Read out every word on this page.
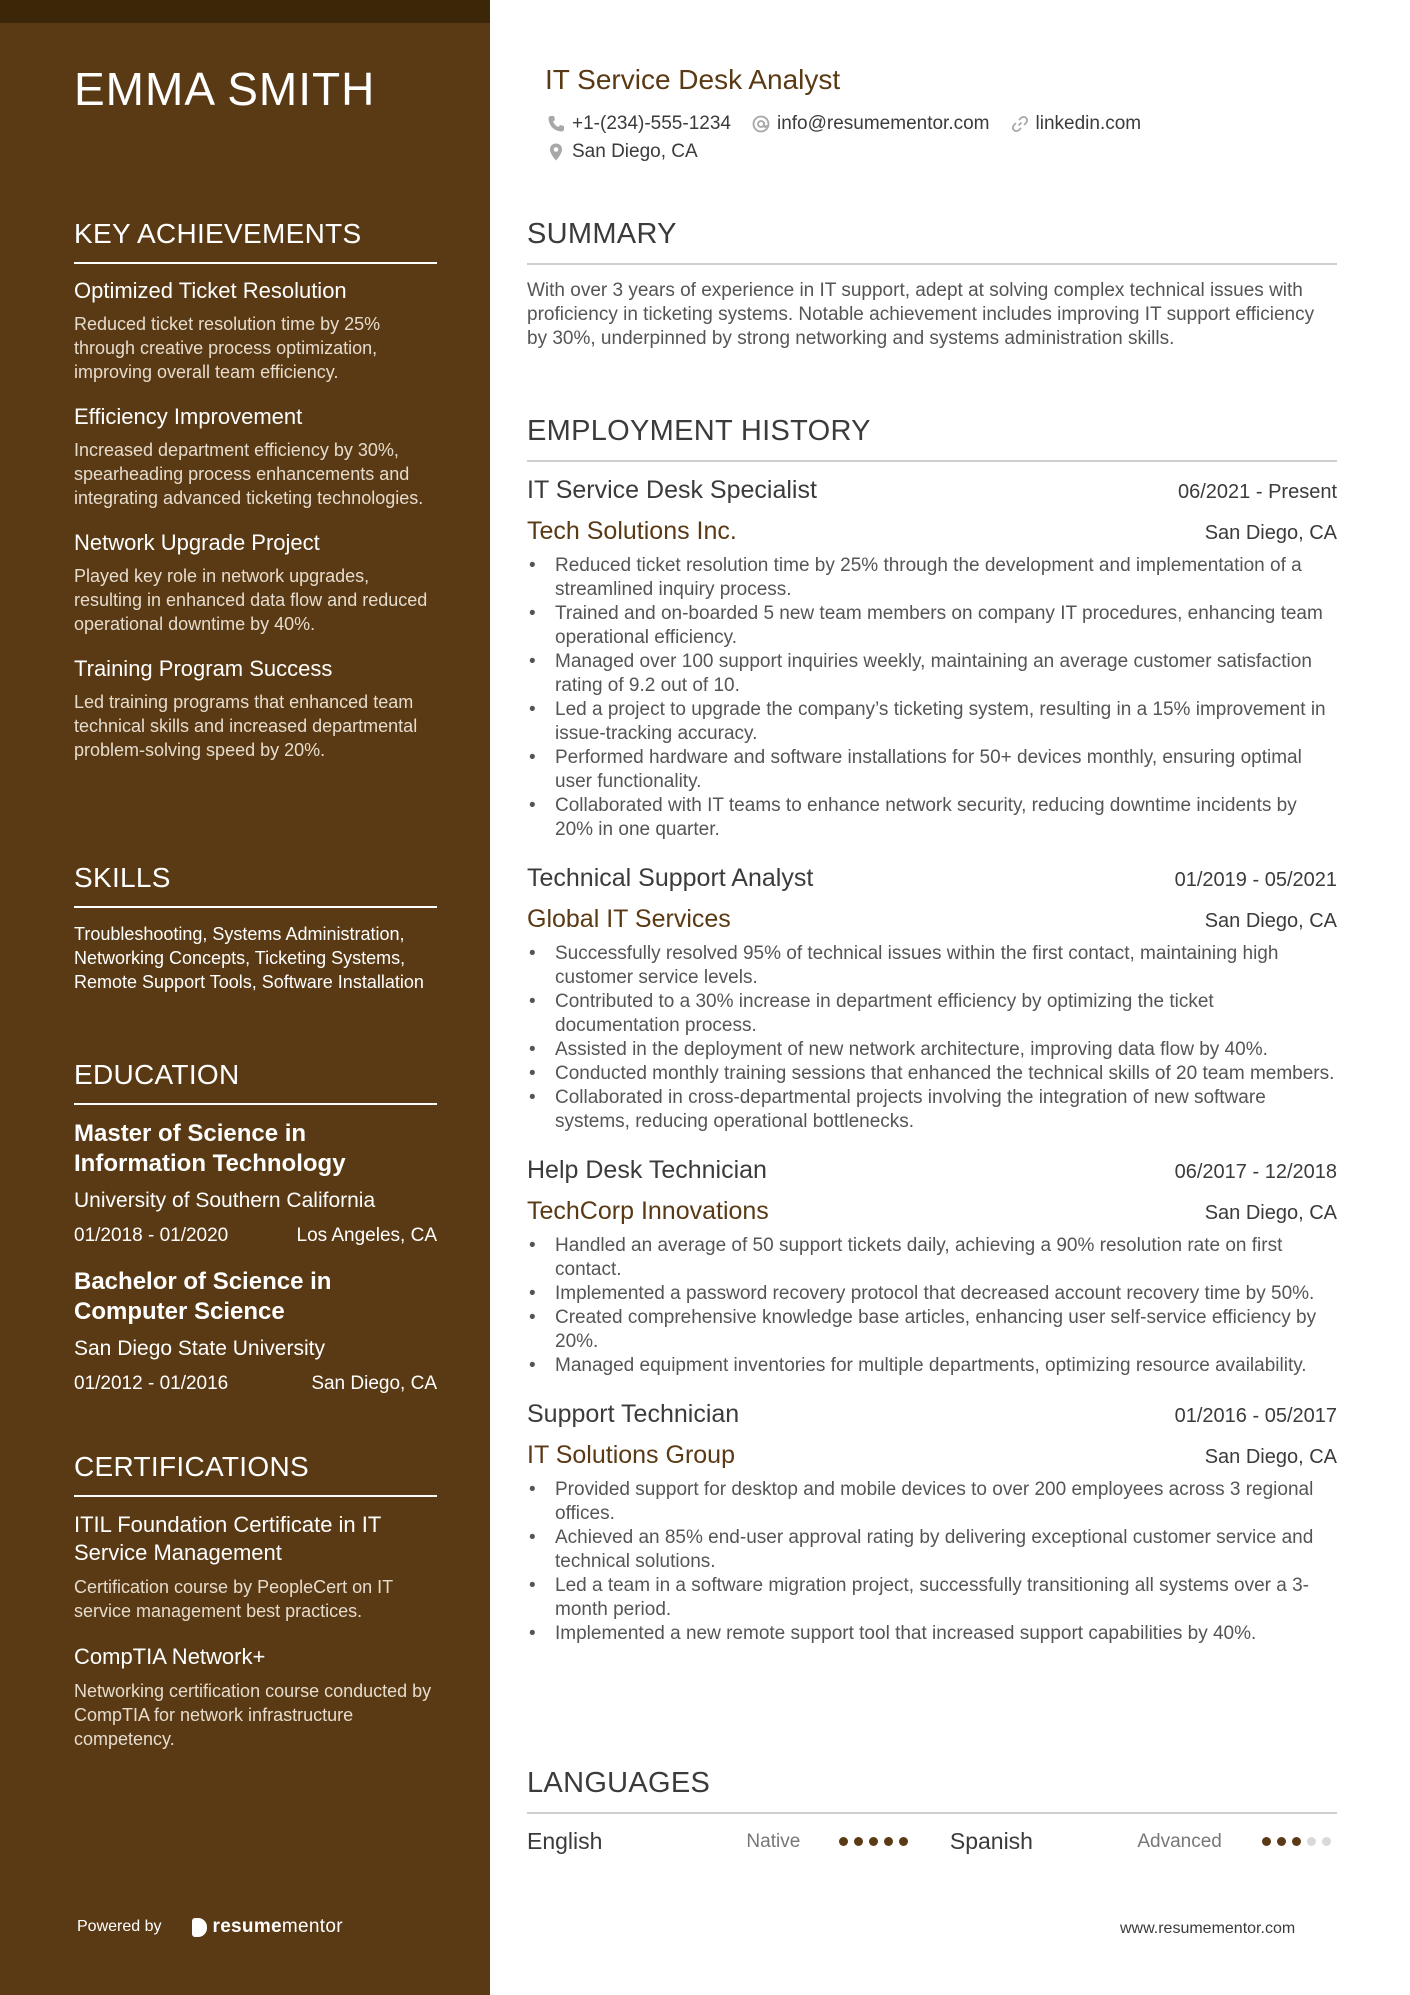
EMMA SMITH
KEY ACHIEVEMENTS
Optimized Ticket Resolution
Reduced ticket resolution time by 25% through creative process optimization, improving overall team efficiency.
Efficiency Improvement
Increased department efficiency by 30%, spearheading process enhancements and integrating advanced ticketing technologies.
Network Upgrade Project
Played key role in network upgrades, resulting in enhanced data flow and reduced operational downtime by 40%.
Training Program Success
Led training programs that enhanced team technical skills and increased departmental problem-solving speed by 20%.
SKILLS
Troubleshooting, Systems Administration, Networking Concepts, Ticketing Systems, Remote Support Tools, Software Installation
EDUCATION
Master of Science in Information Technology
University of Southern California
01/2018 - 01/2020	Los Angeles, CA
Bachelor of Science in Computer Science
San Diego State University
01/2012 - 01/2016	San Diego, CA
CERTIFICATIONS
ITIL Foundation Certificate in IT Service Management
Certification course by PeopleCert on IT service management best practices.
CompTIA Network+
Networking certification course conducted by CompTIA for network infrastructure competency.
Powered by	resumementor
IT Service Desk Analyst
+1-(234)-555-1234 info@resumementor.com linkedin.com
San Diego, CA
SUMMARY
With over 3 years of experience in IT support, adept at solving complex technical issues with proficiency in ticketing systems. Notable achievement includes improving IT support efficiency by 30%, underpinned by strong networking and systems administration skills.
EMPLOYMENT HISTORY
IT Service Desk Specialist	06/2021 - Present
Tech Solutions Inc.	San Diego, CA
• Reduced ticket resolution time by 25% through the development and implementation of a streamlined inquiry process.
• Trained and on-boarded 5 new team members on company IT procedures, enhancing team operational efficiency.
• Managed over 100 support inquiries weekly, maintaining an average customer satisfaction rating of 9.2 out of 10.
• Led a project to upgrade the company’s ticketing system, resulting in a 15% improvement in issue-tracking accuracy.
• Performed hardware and software installations for 50+ devices monthly, ensuring optimal user functionality.
• Collaborated with IT teams to enhance network security, reducing downtime incidents by 20% in one quarter.
Technical Support Analyst	01/2019 - 05/2021
Global IT Services	San Diego, CA
• Successfully resolved 95% of technical issues within the first contact, maintaining high customer service levels.
• Contributed to a 30% increase in department efficiency by optimizing the ticket documentation process.
• Assisted in the deployment of new network architecture, improving data flow by 40%.
• Conducted monthly training sessions that enhanced the technical skills of 20 team members.
• Collaborated in cross-departmental projects involving the integration of new software systems, reducing operational bottlenecks.
Help Desk Technician	06/2017 - 12/2018
TechCorp Innovations	San Diego, CA
• Handled an average of 50 support tickets daily, achieving a 90% resolution rate on first contact.
• Implemented a password recovery protocol that decreased account recovery time by 50%.
• Created comprehensive knowledge base articles, enhancing user self-service efficiency by 20%.
• Managed equipment inventories for multiple departments, optimizing resource availability.
Support Technician	01/2016 - 05/2017
IT Solutions Group	San Diego, CA
• Provided support for desktop and mobile devices to over 200 employees across 3 regional offices.
• Achieved an 85% end-user approval rating by delivering exceptional customer service and technical solutions.
• Led a team in a software migration project, successfully transitioning all systems over a 3-month period.
• Implemented a new remote support tool that increased support capabilities by 40%.
LANGUAGES
English	Native	Spanish	Advanced
www.resumementor.com
